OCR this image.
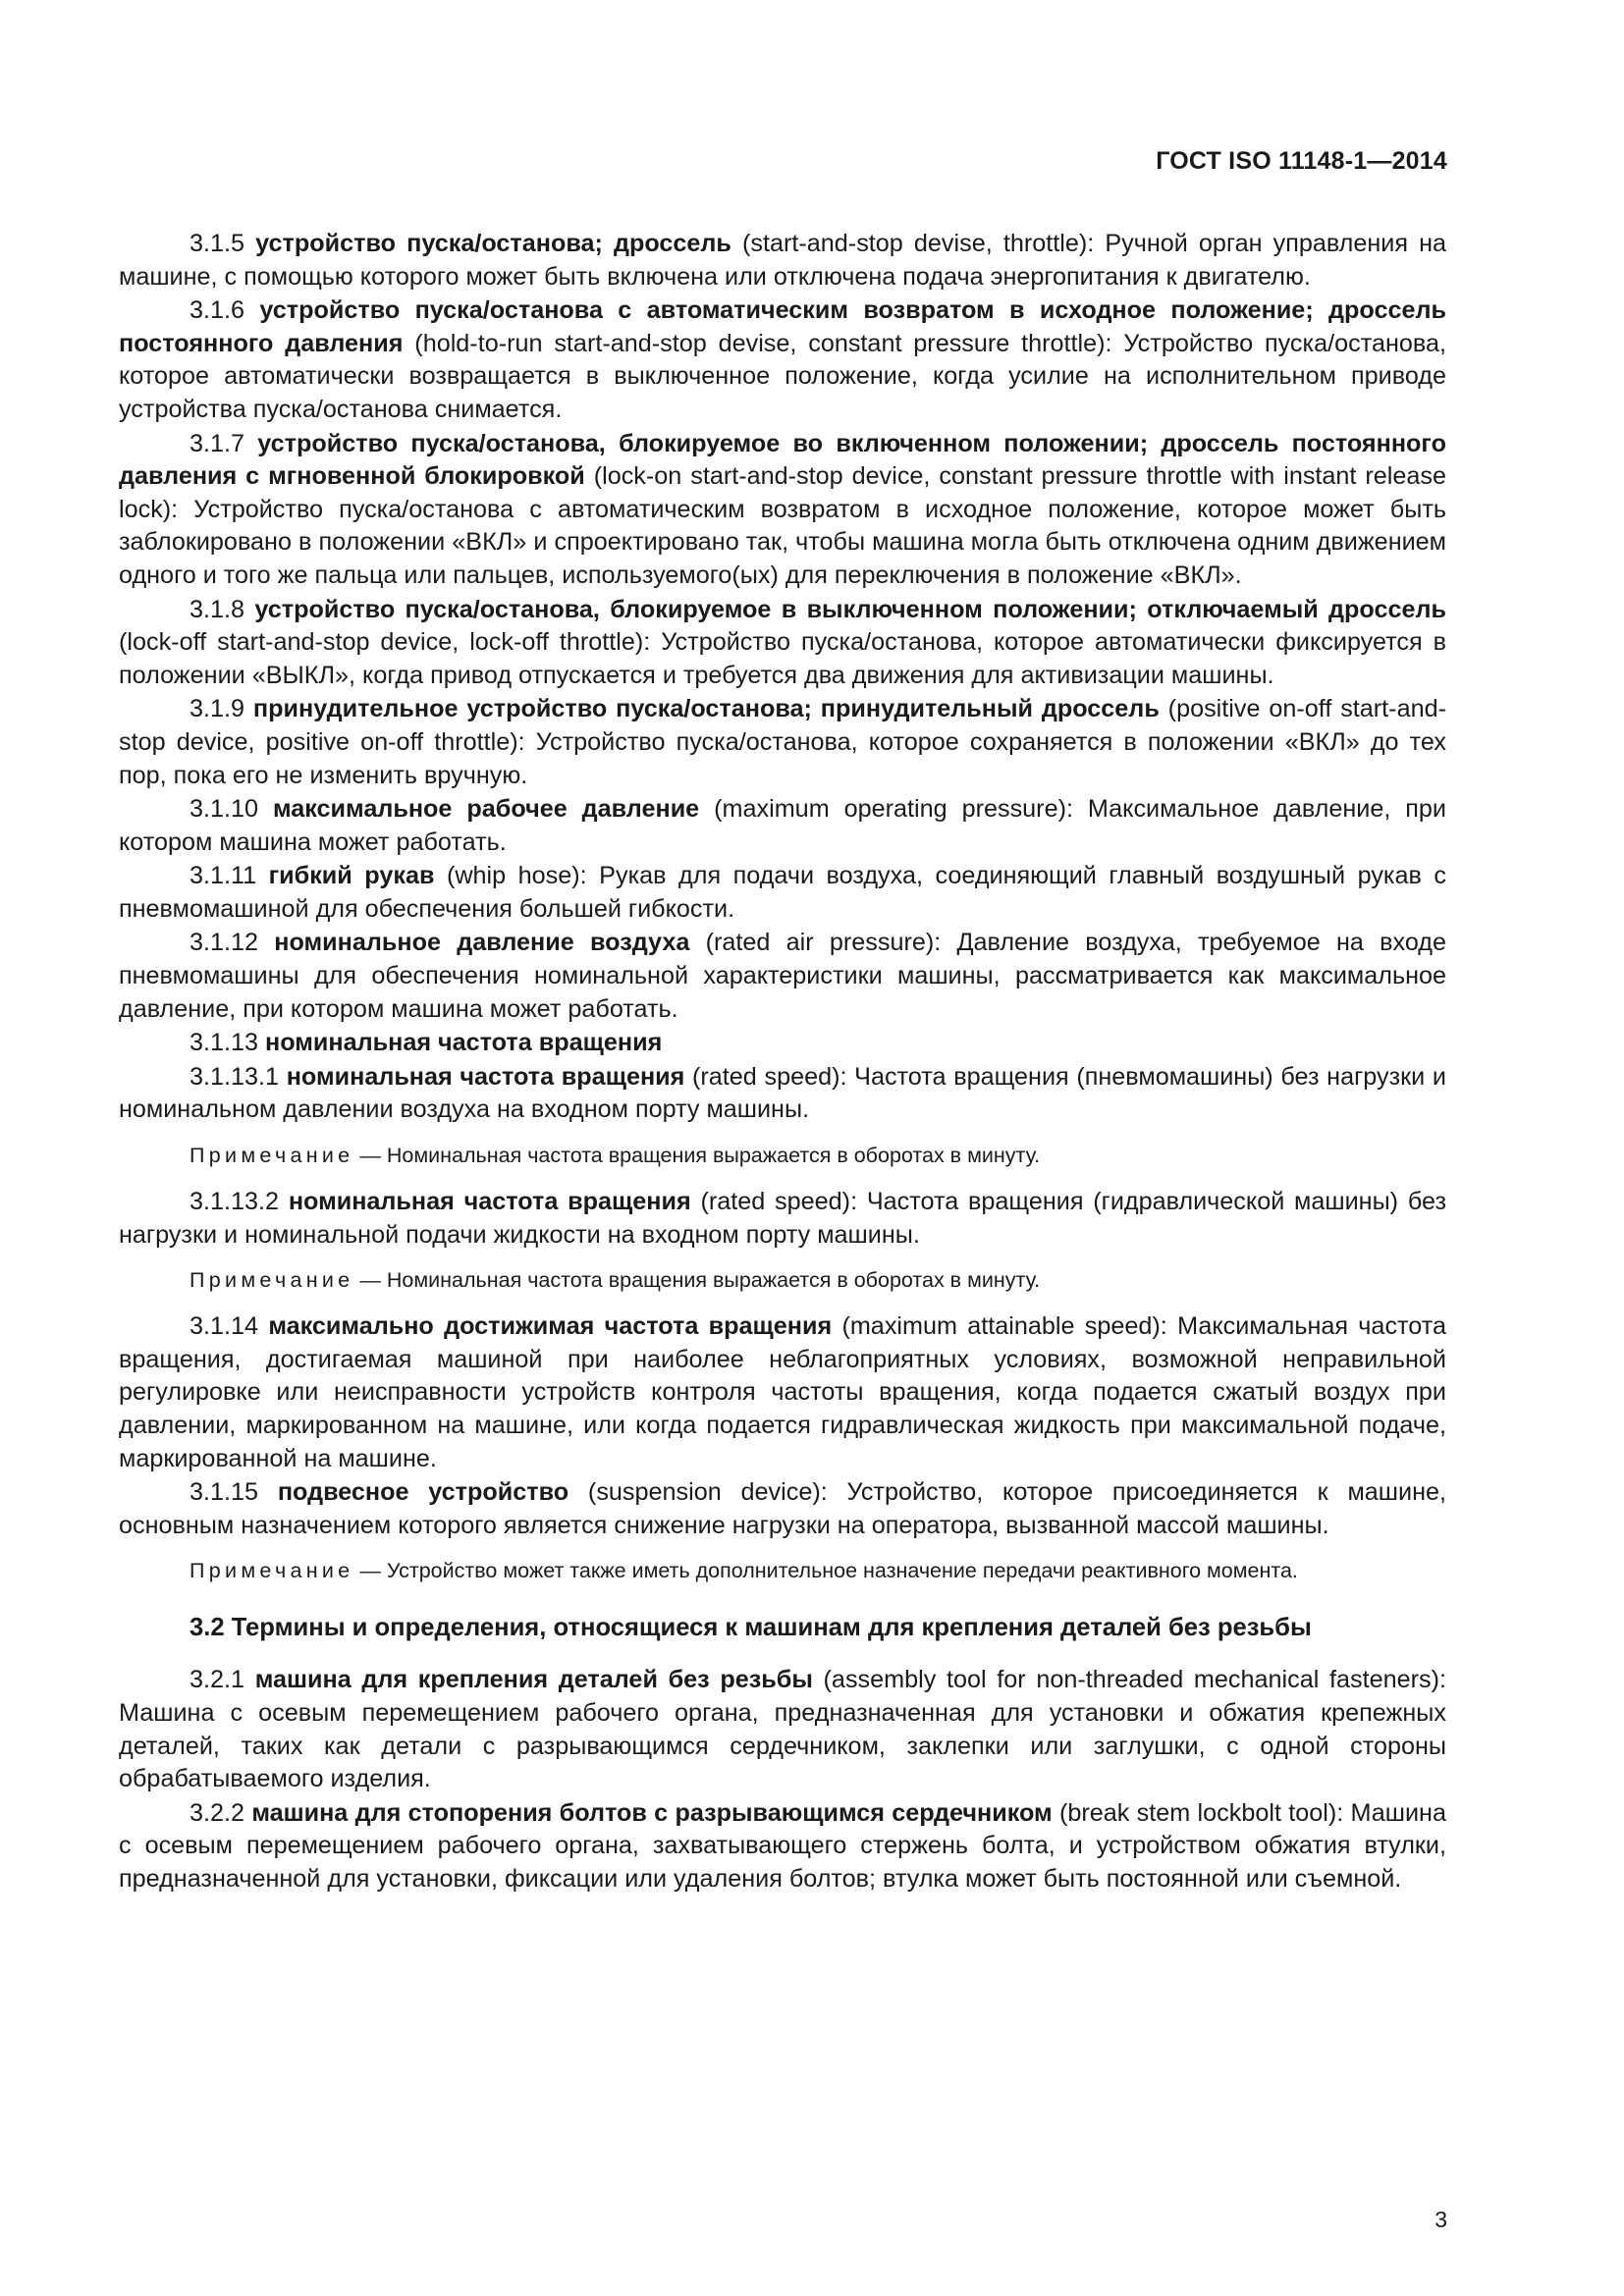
ГОСТ ISO 11148-1—2014

3.1.5 устройство пуска/останова; дроссель (start-and-stop devise, throttle): Ручной орган управления на машине, с помощью которого может быть включена или отключена подача энергопитания к двигателю.

3.1.6 устройство пуска/останова с автоматическим возвратом в исходное положение; дроссель постоянного давления (hold-to-run start-and-stop devise, constant pressure throttle): Устройство пуска/останова, которое автоматически возвращается в выключенное положение, когда усилие на исполнительном приводе устройства пуска/останова снимается.

3.1.7 устройство пуска/останова, блокируемое во включенном положении; дроссель постоянного давления с мгновенной блокировкой (lock-on start-and-stop device, constant pressure throttle with instant release lock): Устройство пуска/останова с автоматическим возвратом в исходное положение, которое может быть заблокировано в положении «ВКЛ» и спроектировано так, чтобы машина могла быть отключена одним движением одного и того же пальца или пальцев, используемого(ых) для переключения в положение «ВКЛ».

3.1.8 устройство пуска/останова, блокируемое в выключенном положении; отключаемый дроссель (lock-off start-and-stop device, lock-off throttle): Устройство пуска/останова, которое автоматически фиксируется в положении «ВЫКЛ», когда привод отпускается и требуется два движения для активизации машины.

3.1.9 принудительное устройство пуска/останова; принудительный дроссель (positive on-off start-and-stop device, positive on-off throttle): Устройство пуска/останова, которое сохраняется в положении «ВКЛ» до тех пор, пока его не изменить вручную.

3.1.10 максимальное рабочее давление (maximum operating pressure): Максимальное давление, при котором машина может работать.

3.1.11 гибкий рукав (whip hose): Рукав для подачи воздуха, соединяющий главный воздушный рукав с пневмомашиной для обеспечения большей гибкости.

3.1.12 номинальное давление воздуха (rated air pressure): Давление воздуха, требуемое на входе пневмомашины для обеспечения номинальной характеристики машины, рассматривается как максимальное давление, при котором машина может работать.

3.1.13 номинальная частота вращения

3.1.13.1 номинальная частота вращения (rated speed): Частота вращения (пневмомашины) без нагрузки и номинальном давлении воздуха на входном порту машины.

Примечание — Номинальная частота вращения выражается в оборотах в минуту.

3.1.13.2 номинальная частота вращения (rated speed): Частота вращения (гидравлической машины) без нагрузки и номинальной подачи жидкости на входном порту машины.

Примечание — Номинальная частота вращения выражается в оборотах в минуту.

3.1.14 максимально достижимая частота вращения (maximum attainable speed): Максимальная частота вращения, достигаемая машиной при наиболее неблагоприятных условиях, возможной неправильной регулировке или неисправности устройств контроля частоты вращения, когда подается сжатый воздух при давлении, маркированном на машине, или когда подается гидравлическая жидкость при максимальной подаче, маркированной на машине.

3.1.15 подвесное устройство (suspension device): Устройство, которое присоединяется к машине, основным назначением которого является снижение нагрузки на оператора, вызванной массой машины.

Примечание — Устройство может также иметь дополнительное назначение передачи реактивного момента.

3.2 Термины и определения, относящиеся к машинам для крепления деталей без резьбы

3.2.1 машина для крепления деталей без резьбы (assembly tool for non-threaded mechanical fasteners): Машина с осевым перемещением рабочего органа, предназначенная для установки и обжатия крепежных деталей, таких как детали с разрывающимся сердечником, заклепки или заглушки, с одной стороны обрабатываемого изделия.

3.2.2 машина для стопорения болтов с разрывающимся сердечником (break stem lockbolt tool): Машина с осевым перемещением рабочего органа, захватывающего стержень болта, и устройством обжатия втулки, предназначенной для установки, фиксации или удаления болтов; втулка может быть постоянной или съемной.

3
